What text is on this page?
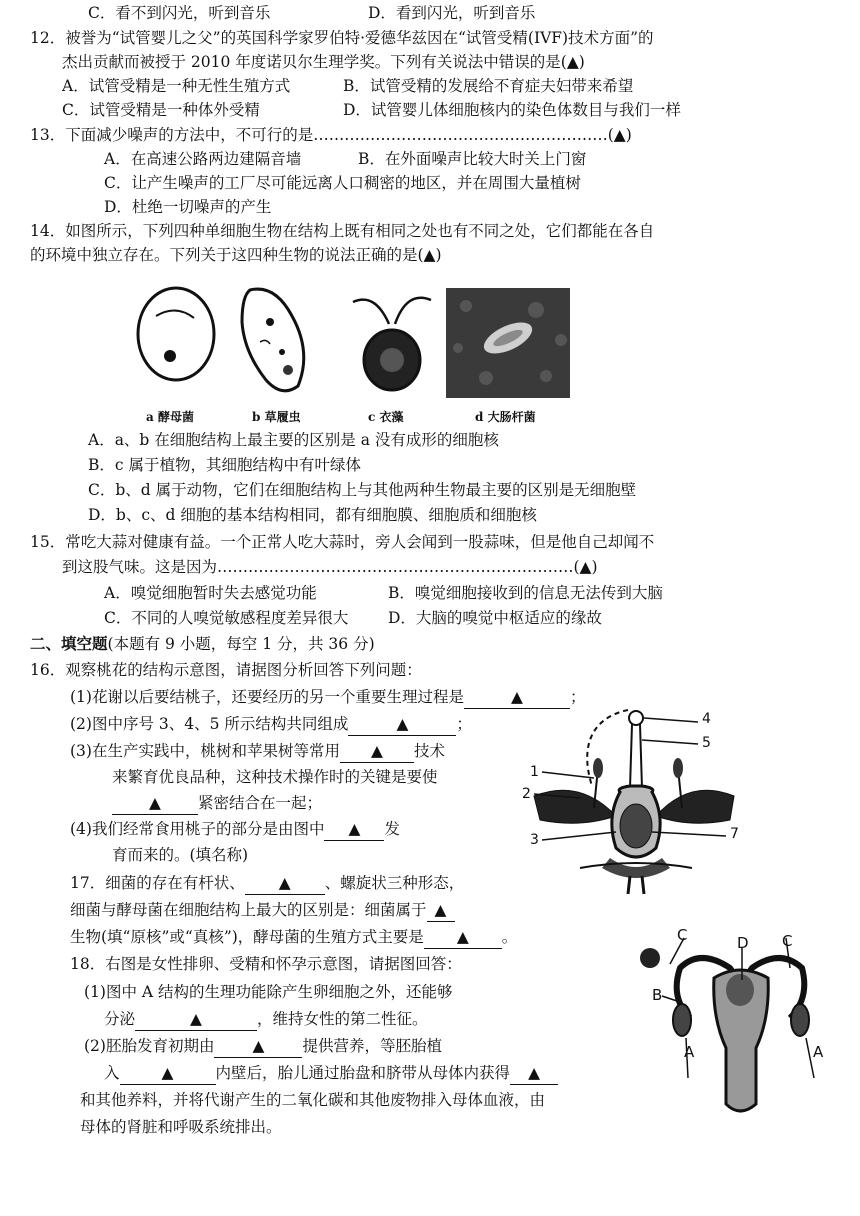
C．看不到闪光，听到音乐	D．看到闪光，听到音乐
12．被誉为“试管婴儿之父”的英国科学家罗伯特·爱德华兹因在“试管受精(IVF)技术方面”的
杰出贡献而被授于 2010 年度诺贝尔生理学奖。下列有关说法中错误的是(▲)
A．试管受精是一种无性生殖方式	B．试管受精的发展给不育症夫妇带来希望
C．试管受精是一种体外受精	D．试管婴儿体细胞核内的染色体数目与我们一样
13．下面减少噪声的方法中，不可行的是…………………………………………………(▲)
A．在高速公路两边建隔音墙	B．在外面噪声比较大时关上门窗
C．让产生噪声的工厂尽可能远离人口稠密的地区，并在周围大量植树
D．杜绝一切噪声的产生
14．如图所示，下列四种单细胞生物在结构上既有相同之处也有不同之处，它们都能在各自
的环境中独立存在。下列关于这四种生物的说法正确的是(▲)
a 酵母菌	b 草履虫	c 衣藻	d 大肠杆菌
A．a、b 在细胞结构上最主要的区别是 a 没有成形的细胞核
B．c 属于植物，其细胞结构中有叶绿体
C．b、d 属于动物，它们在细胞结构上与其他两种生物最主要的区别是无细胞壁
D．b、c、d 细胞的基本结构相同，都有细胞膜、细胞质和细胞核
15．常吃大蒜对健康有益。一个正常人吃大蒜时，旁人会闻到一股蒜味，但是他自己却闻不
到这股气味。这是因为……………………………………………………………(▲)
A．嗅觉细胞暂时失去感觉功能	B．嗅觉细胞接收到的信息无法传到大脑
C．不同的人嗅觉敏感程度差异很大	D．大脑的嗅觉中枢适应的缘故
二、填空题(本题有 9 小题，每空 1 分，共 36 分)
16．观察桃花的结构示意图，请据图分析回答下列问题：
(1)花谢以后要结桃子，还要经历的另一个重要生理过程是	▲	；
(2)图中序号 3、4、5 所示结构共同组成	▲	；
(3)在生产实践中，桃树和苹果树等常用 ▲ 技术
来繁育优良品种，这种技术操作时的关键是要使
▲ 紧密结合在一起；
(4)我们经常食用桃子的部分是由图中 ▲ 发
育而来的。(填名称)
4
5
1
2
3	7
17．细菌的存在有杆状、 ▲ 、螺旋状三种形态，
细菌与酵母菌在细胞结构上最大的区别是：细菌属于 ▲
生物(填“原核”或“真核”)，酵母菌的生殖方式主要是 ▲ 。
18．右图是女性排卵、受精和怀孕示意图，请据图回答：
(1)图中 A 结构的生理功能除产生卵细胞之外，还能够
分泌	▲	，维持女性的第二性征。
(2)胚胎发育初期由 ▲ 提供营养，等胚胎植
入	▲	内壁后，胎儿通过胎盘和脐带从母体内获得 ▲
和其他养料，并将代谢产生的二氧化碳和其他废物排入母体血液，由
母体的肾脏和呼吸系统排出。
C	D C
B
A	A
